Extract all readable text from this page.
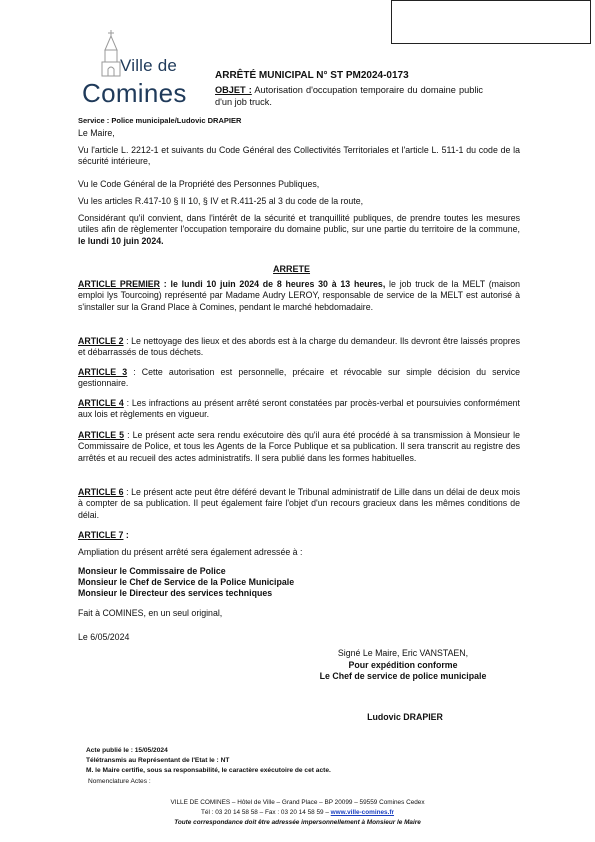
Ville de
Comines
ARRÊTÉ MUNICIPAL N° ST PM2024-0173
OBJET : Autorisation d'occupation temporaire du domaine public d'un job truck.
Service : Police municipale/Ludovic DRAPIER

Le Maire,

Vu l'article L. 2212-1 et suivants du Code Général des Collectivités Territoriales et l'article L. 511-1 du code de la sécurité intérieure,

Vu le Code Général de la Propriété des Personnes Publiques,

Vu les articles R.417-10 § II 10, § IV et R.411-25 al 3 du code de la route,

Considérant qu'il convient, dans l'intérêt de la sécurité et tranquillité publiques, de prendre toutes les mesures utiles afin de règlementer l'occupation temporaire du domaine public, sur une partie du territoire de la commune, le lundi 10 juin 2024.

ARRETE

ARTICLE PREMIER : le lundi 10 juin 2024 de 8 heures 30 à 13 heures, le job truck de la MELT (maison emploi lys Tourcoing) représenté par Madame Audry LEROY, responsable de service de la MELT est autorisé à s'installer sur la Grand Place à Comines, pendant le marché hebdomadaire.

ARTICLE 2 : Le nettoyage des lieux et des abords est à la charge du demandeur. Ils devront être laissés propres et débarrassés de tous déchets.

ARTICLE 3 : Cette autorisation est personnelle, précaire et révocable sur simple décision du service gestionnaire.

ARTICLE 4 : Les infractions au présent arrêté seront constatées par procès-verbal et poursuivies conformément aux lois et règlements en vigueur.

ARTICLE 5 : Le présent acte sera rendu exécutoire dès qu'il aura été procédé à sa transmission à Monsieur le Commissaire de Police, et tous les Agents de la Force Publique et sa publication. Il sera transcrit au registre des arrêtés et au recueil des actes administratifs. Il sera publié dans les formes habituelles.

ARTICLE 6 : Le présent acte peut être déféré devant le Tribunal administratif de Lille dans un délai de deux mois à compter de sa publication. Il peut également faire l'objet d'un recours gracieux dans les mêmes conditions de délai.

ARTICLE 7 :

Ampliation du présent arrêté sera également adressée à :

Monsieur le Commissaire de Police

Monsieur le Chef de Service de la Police Municipale

Monsieur le Directeur des services techniques

Fait à COMINES, en un seul original,

Le 6/05/2024

Signé Le Maire, Eric VANSTAEN,
Pour expédition conforme
Le Chef de service de police municipale
Ludovic DRAPIER
Acte publié le : 15/05/2024
Télétransmis au Représentant de l'Etat le : NT
M. le Maire certifie, sous sa responsabilité, le caractère exécutoire de cet acte.
Nomenclature Actes :
VILLE DE COMINES – Hôtel de Ville – Grand Place – BP 20099 – 59559 Comines Cedex
Tél : 03 20 14 58 58 – Fax : 03 20 14 58 59 – www.ville-comines.fr
Toute correspondance doit être adressée impersonnellement à Monsieur le Maire
